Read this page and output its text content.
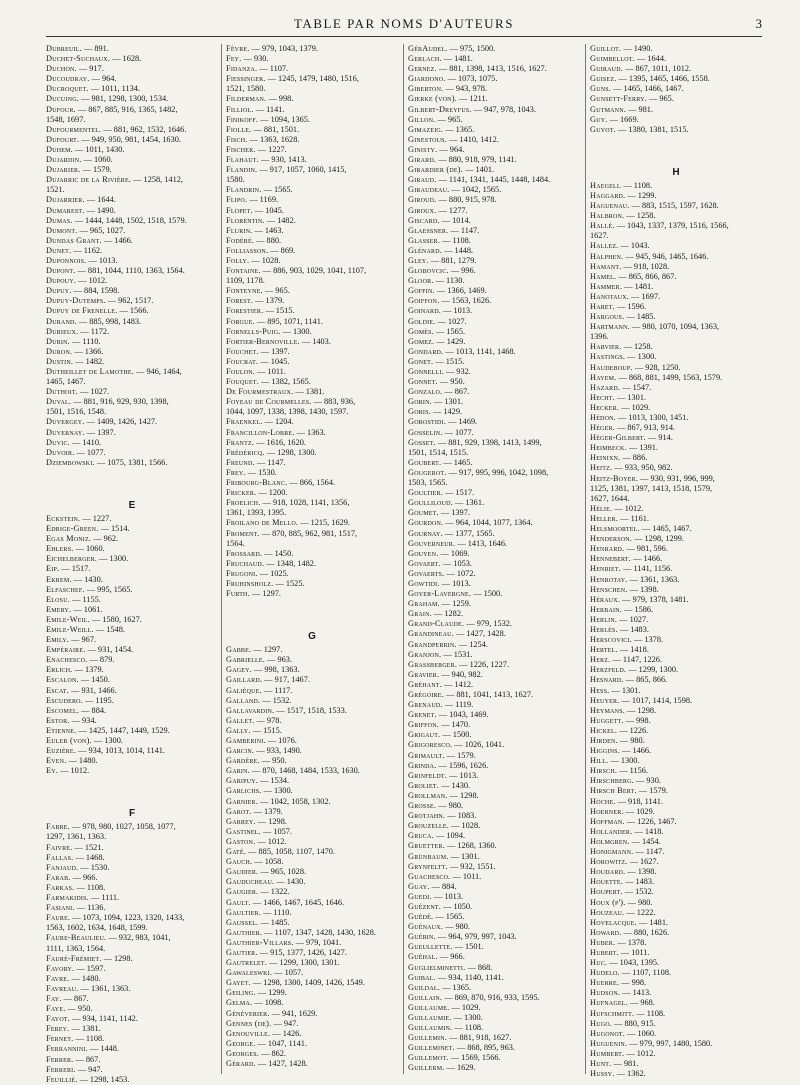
TABLE PAR NOMS D'AUTEURS	3
Dubreuil. — 891.
Duchet-Suchaux. — 1628.
Duchon. — 917.
Ducoudray. — 964.
Ducroquet. — 1011, 1134.
Ducuing. — 981, 1298, 1300, 1534.
Dufour. — 867, 885, 916, 1365, 1482,
1548, 1697.
Dufourmentel. — 881, 962, 1532, 1646.
Dufourt. — 949, 950, 981, 1454, 1630.
Duhem. — 1011, 1430.
Dujardin. — 1060.
Dujarier. — 1579.
Dujarric de la Rivière. — 1258, 1412,
1521.
Dujarrier. — 1644.
Dumarest. — 1490.
Dumas. — 1444, 1448, 1502, 1518, 1579.
Dumont. — 965, 1027.
Dundas Grant. — 1466.
Dunet. — 1162.
Duponnois. — 1013.
Dupont. — 881, 1044, 1110, 1363, 1564.
Dupouy. — 1012.
Dupuy. — 884, 1598.
Dupuy-Dutemps. — 962, 1517.
Dupuy de Frenelle. — 1566.
Durand. — 885, 998, 1483.
Durieux. — 1172.
Durin. — 1110.
Duron. — 1366.
Dustin. — 1482.
Dutheillet de Lamothe. — 946, 1464,
1465, 1467.
Duthoit. — 1027.
Duval. — 881, 916, 929, 930, 1398,
1501, 1516, 1548.
Duvergey. — 1409, 1426, 1427.
Duvernay. — 1397.
Duvic. — 1410.
Duvoir. — 1077.
Dziembowski. — 1075, 1381, 1566.
E
Eckstein. — 1227.
Edrige-Green. — 1514.
Egas Moniz. — 962.
Ehlers. — 1060.
Eichelberger. — 1300.
Eip. — 1517.
Ekrem. — 1430.
Elfaschef. — 995, 1565.
Elosu. — 1155.
Emery. — 1061.
Emile-Weil. — 1580, 1627.
Emile-Weill. — 1548.
Emily. — 967.
Empéraire. — 931, 1454.
Enachesco. — 879.
Erlich. — 1379.
Escalon. — 1450.
Escat. — 931, 1466.
Escudero. — 1195.
Escomel. — 884.
Estor. — 934.
Etienne. — 1425, 1447, 1449, 1529.
Euler (von). — 1300.
Euzière. — 934, 1013, 1014, 1141.
Even. — 1480.
Ey. — 1012.
F
Fabre. — 978, 980, 1027, 1058, 1077,
1297, 1361, 1363.
Faivre. — 1521.
Fallas. — 1468.
Fanjaud. — 1530.
Farab. — 966.
Farkas. — 1108.
Farmakidis. — 1111.
Fasiani. — 1136.
Faure. — 1073, 1094, 1223, 1320, 1433,
1563, 1602, 1634, 1648, 1599.
Faure-Beaulieu. — 932, 983, 1041,
1111, 1363, 1564.
Fauré-Frémiet. — 1298.
Favory. — 1597.
Favre. — 1480.
Favreau. — 1361, 1363.
Fay. — 867.
Faye. — 950.
Fayot. — 934, 1141, 1142.
Ferey. — 1381.
Fernet. — 1108.
Ferrannini. — 1448.
Ferrer. — 867.
Ferreri. — 947.
Feuillié. — 1298, 1453.
Fèvre. — 979, 1043, 1379.
Fey. — 930.
Fidanza. — 1107.
Fiessinger. — 1245, 1479, 1480, 1516,
1521, 1580.
Filderman. — 998.
Filliol. — 1141.
Finikoff. — 1094, 1365.
Fiolle. — 881, 1501.
Fisch. — 1363, 1628.
Fischer. — 1227.
Flahaut. — 930, 1413.
Flandin. — 917, 1057, 1060, 1415,
1580.
Flandrin. — 1565.
Flipo. — 1169.
Flopet. — 1045.
Florentin. — 1482.
Flurin. — 1463.
Fodéré. — 880.
Folliasson. — 869.
Folly. — 1028.
Fontaine. — 886, 903, 1029, 1041, 1107,
1109, 1178.
Fonteyne. — 965.
Forest. — 1379.
Forestier. — 1515.
Forgue. — 895, 1071, 1141.
Fornells-Puig. — 1300.
Fortier-Bernoville. — 1403.
Fouchet. — 1397.
Foucrat. — 1045.
Foulon. — 1011.
Fouquet. — 1382, 1565.
De Fourmestraux. — 1381.
Foyeau de Courmelles. — 883, 936,
1044, 1097, 1338, 1398, 1430, 1597.
Fraenkel. — 1204.
Francillon-Lobre. — 1363.
Frantz. — 1616, 1620.
Frédéricq. — 1298, 1300.
Freund. — 1147.
Frey. — 1530.
Fribourg-Blanc. — 866, 1564.
Fricker. — 1200.
Froelich. — 918, 1028, 1141, 1356,
1361, 1393, 1395.
Froilano de Mello. — 1215, 1629.
Froment. — 870, 885, 962, 981, 1517,
1564.
Frossard. — 1450.
Fruchaud. — 1348, 1482.
Frugoni. — 1025.
Fruhinsholz. — 1525.
Furth. — 1297.
G
Gabbe. — 1297.
Gabrielle. — 963.
Gagey. — 998, 1363.
Gaillard. — 917, 1467.
Galièque. — 1117.
Galland. — 1532.
Gallavardin. — 1517, 1518, 1533.
Gallet. — 978.
Gally. — 1515.
Gamberini. — 1076.
Garcin. — 933, 1490.
Gardère. — 950.
Garin. — 870, 1468, 1484, 1533, 1630.
Garipuy. — 1534.
Garlichs. — 1300.
Garnier. — 1042, 1058, 1302.
Garot. — 1379.
Garrey. — 1298.
Gastinel. — 1057.
Gaston. — 1012.
Gaté. — 885, 1058, 1107, 1470.
Gauch. — 1058.
Gaudier. — 965, 1028.
Gauducheau. — 1430.
Gaugier. — 1322.
Gault. — 1466, 1467, 1645, 1646.
Gaultier. — 1110.
Gaussel. — 1485.
Gauthier. — 1107, 1347, 1428, 1430, 1628.
Gauthier-Villars. — 979, 1041.
Gautier. — 915, 1377, 1426, 1427.
Gautrelet. — 1299, 1300, 1301.
Gawaleswki. — 1057.
Gayet. — 1298, 1300, 1409, 1426, 1549.
Geiling. — 1299.
Gelma. — 1098.
Généverier. — 941, 1629.
Gennes (de). — 947.
Genouville. — 1426.
George. — 1047, 1141.
Georges. — 862.
Gérard. — 1427, 1428.
GérAudel. — 975, 1500.
Gerlach. — 1481.
Gernez. — 881, 1398, 1413, 1516, 1627.
Giardono. — 1073, 1075.
Giberton. — 943, 978.
Gierke (von). — 1211.
Gilbert-Dreyfus. — 947, 978, 1043.
Gillon. — 965.
Gimazeig. — 1365.
Ginestous. — 1410, 1412.
Ginisty. — 964.
Girard. — 880, 918, 979, 1141.
Girardier (de). — 1401.
Giraud. — 1141, 1341, 1445, 1448, 1484.
Giraudeau. — 1042, 1565.
Giroud. — 880, 915, 978.
Giroux. — 1277.
Giscard. — 1014.
Glaessner. — 1147.
Glasser. — 1108.
Glénard. — 1448.
Gley. — 881, 1279.
Globovcic. — 996.
Gloor. — 1130.
Goffin. — 1366, 1469.
Goiffon. — 1563, 1626.
Goinard. — 1013.
Goldie. — 1027.
Gomès. — 1565.
Gomez. — 1429.
Gondard. — 1013, 1141, 1468.
Gonet. — 1515.
Gonnelli. — 932.
Gonnet. — 950.
Gonzalo. — 867.
Gorin. — 1301.
Goris. — 1429.
Gorostidi. — 1469.
Gosselin. — 1077.
Gosset. — 881, 929, 1398, 1413, 1499,
1501, 1514, 1515.
Goubert. — 1465.
Gougerot. — 917, 995, 996, 1042, 1098,
1503, 1565.
Goultier. — 1517.
Goulliloud. — 1361.
Goumet. — 1397.
Gourdon. — 964, 1044, 1077, 1364.
Gournay. — 1377, 1565.
Gouverneur. — 1413, 1646.
Gouyen. — 1069.
Govaert. — 1053.
Govaerts. — 1072.
Gowtidi. — 1013.
Goyer-Lavergne. — 1500.
Graham. — 1259.
Grain. — 1282.
Grand-Claude. — 979, 1532.
Grandineau. — 1427, 1428.
Grandperrin. — 1254.
Granjon. — 1531.
Grassberger. — 1226, 1227.
Gravier. — 940, 982.
Gréhant. — 1412.
Grégoire. — 881, 1041, 1413, 1627.
Grenaud. — 1119.
Grenet. — 1043, 1469.
Griffon. — 1470.
Grigaut. — 1500.
Grigoresco. — 1026, 1041.
Grimault. — 1579.
Grinda. — 1596, 1626.
Grinfeldt. — 1013.
Groliet. — 1430.
Grollman. — 1298.
Grosse. — 980.
Grotjahn. — 1083.
Grouzelle. — 1028.
Gruca. — 1094.
Gruetter. — 1268, 1360.
Grünbaum. — 1301.
Grynfeltt. — 932, 1551.
Guachesco. — 1011.
Guay. — 884.
Guedj. — 1013.
Guézent. — 1050.
Guédé. — 1565.
Guénaux. — 980.
Guérin. — 964, 979, 997, 1043.
Gueullette. — 1501.
Guéhal. — 966.
Guglielminetti. — 868.
Guibal. — 934, 1140, 1141.
Guildal. — 1365.
Guillain. — 869, 870, 916, 933, 1595.
Guillaume. — 1029.
Guillaumie. — 1300.
Guillaumin. — 1108.
Guillemin. — 881, 918, 1627.
Guilleminet. — 868, 895, 963.
Guillemot. — 1569, 1566.
Guillerm. — 1629.
Guillot. — 1490.
Guimbellot. — 1644.
Guiraud. — 867, 1011, 1012.
Guisez. — 1395, 1465, 1466, 1558.
Guns. — 1465, 1466, 1467.
Gunsett-Ferry. — 965.
Gutmann. — 981.
Guy. — 1669.
Guyot. — 1380, 1381, 1515.
H
Haegeli. — 1108.
Haggard. — 1299.
Haguenau. — 883, 1515, 1597, 1628.
Halbron. — 1258.
Hallé. — 1043, 1337, 1379, 1516, 1566,
1627.
Hallez. — 1043.
Halphen. — 945, 946, 1465, 1646.
Hamant. — 918, 1028.
Hamel. — 865, 866, 867.
Hammer. — 1481.
Hanotaux. — 1697.
Haret. — 1596.
Hargous. — 1485.
Hartmann. — 980, 1070, 1094, 1363,
1396.
Harvier. — 1258.
Hastings. — 1300.
Haudeboup. — 928, 1250.
Hayem. — 868, 881, 1499, 1563, 1579.
Hazard. — 1547.
Hecht. — 1301.
Hecker. — 1029.
Hédon. — 1013, 1300, 1451.
Héger. — 867, 913, 914.
Héger-Gilbert. — 914.
Heimbeck. — 1391.
Heinixn. — 886.
Heitz. — 933, 950, 982.
Heitz-Boyer. — 930, 931, 996, 999,
1125, 1381, 1397, 1413, 1518, 1579,
1627, 1644.
Hélie. — 1012.
Heller. — 1161.
Helsmoortel. — 1465, 1467.
Henderson. — 1298, 1299.
Henrard. — 981, 596.
Hennebert. — 1466.
Henriet. — 1141, 1156.
Henrotay. — 1361, 1363.
Henschen. — 1398.
Héraux. — 979, 1378, 1481.
Herbain. — 1586.
Herlin. — 1027.
Herlès. — 1483.
Herscovici. — 1378.
Hertel. — 1418.
Herz. — 1147, 1226.
Herzfeld. — 1299, 1300.
Hesnard. — 865, 866.
Hess. — 1301.
Heuyer. — 1017, 1414, 1598.
Heymans. — 1298.
Huggett. — 998.
Hickel. — 1226.
Hirden. — 980.
Higgins. — 1466.
Hill. — 1300.
Hirsch. — 1156.
Hirschberg. — 930.
Hirsch Bert. — 1579.
Hoche. — 918, 1141.
Hoerner. — 1029.
Hoffman. — 1226, 1467.
Hollander. — 1418.
Holmgren. — 1454.
Honigmann. — 1147.
Horowitz. — 1627.
Houdard. — 1398.
Houette. — 1483.
Houpert. — 1532.
Houx (p'). — 980.
Houzeau. — 1222.
Hovelacque. — 1481.
Howard. — 880, 1626.
Huber. — 1378.
Hubert. — 1011.
Huc. — 1043, 1395.
Hudelo. — 1107, 1108.
Huerre. — 998.
Hudson. — 1413.
Hufnagel. — 968.
Hufschmitt. — 1108.
Hugo. — 880, 915.
Hugonot. — 1060.
Huguenin. — 979, 997, 1480, 1580.
Humbert. — 1012.
Hunt. — 981.
Hussy. — 1362.
